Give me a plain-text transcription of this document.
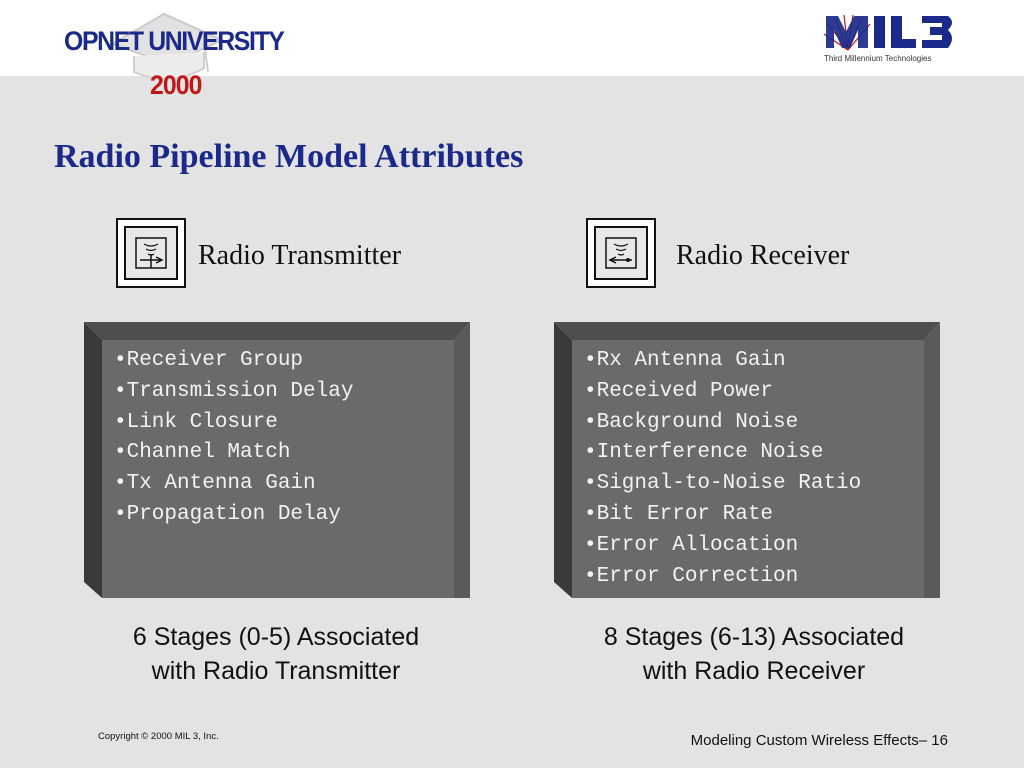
OPNET UNIVERSITY
2000
Third Millennium Technologies
Radio Pipeline Model Attributes
Radio Transmitter	Radio Receiver
•Receiver Group
•Transmission Delay
•Link Closure
•Channel Match
•Tx Antenna Gain
•Propagation Delay
•Rx Antenna Gain
•Received Power
•Background Noise
•Interference Noise
•Signal-to-Noise Ratio
•Bit Error Rate
•Error Allocation
•Error Correction
6 Stages (0-5) Associated
with Radio Transmitter
8 Stages (6-13) Associated
with Radio Receiver
Copyright © 2000 MIL 3, Inc.	Modeling Custom Wireless Effects– 16
